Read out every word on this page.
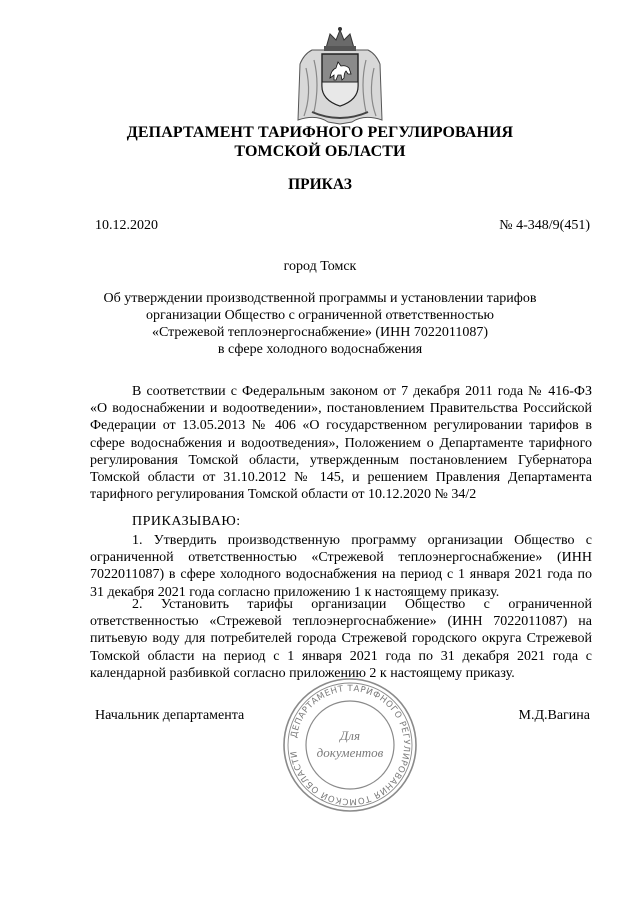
ДЕПАРТАМЕНТ ТАРИФНОГО РЕГУЛИРОВАНИЯ
ТОМСКОЙ ОБЛАСТИ
ПРИКАЗ
10.12.2020	№ 4-348/9(451)
город Томск
Об утверждении производственной программы и установлении тарифов
организации Общество с ограниченной ответственностью
«Стрежевой теплоэнергоснабжение» (ИНН 7022011087)
в сфере холодного водоснабжения
В соответствии с Федеральным законом от 7 декабря 2011 года № 416-ФЗ «О водоснабжении и водоотведении», постановлением Правительства Российской Федерации от 13.05.2013 № 406 «О государственном регулировании тарифов в сфере водоснабжения и водоотведения», Положением о Департаменте тарифного регулирования Томской области, утвержденным постановлением Губернатора Томской области от 31.10.2012 № 145, и решением Правления Департамента тарифного регулирования Томской области от 10.12.2020 № 34/2
ПРИКАЗЫВАЮ:
1. Утвердить производственную программу организации Общество с ограниченной ответственностью «Стрежевой теплоэнергоснабжение» (ИНН 7022011087) в сфере холодного водоснабжения на период с 1 января 2021 года по 31 декабря 2021 года согласно приложению 1 к настоящему приказу.
2. Установить тарифы организации Общество с ограниченной ответственностью «Стрежевой теплоэнергоснабжение» (ИНН 7022011087) на питьевую воду для потребителей города Стрежевой городского округа Стрежевой Томской области на период с 1 января 2021 года по 31 декабря 2021 года с календарной разбивкой согласно приложению 2 к настоящему приказу.
Начальник департамента	М.Д.Вагина
ДЕПАРТАМЕНТ ТАРИФНОГО РЕГУЛИРОВАНИЯ ТОМСКОЙ ОБЛАСТИ
Для
документов
